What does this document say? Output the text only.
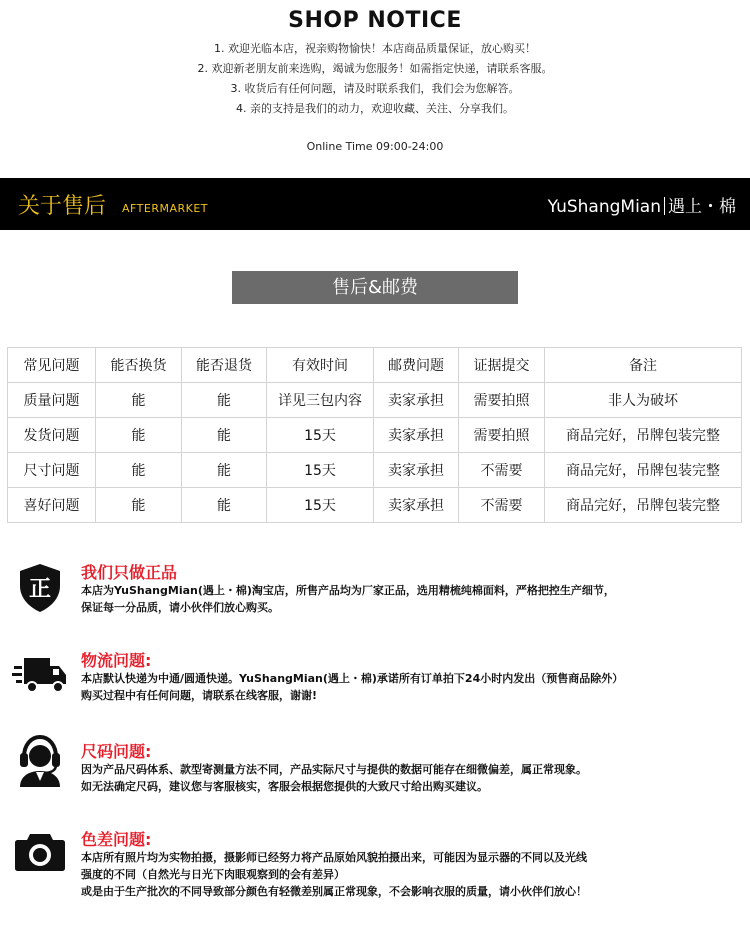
SHOP NOTICE
1. 欢迎光临本店，祝亲购物愉快！本店商品质量保证，放心购买！
2. 欢迎新老朋友前来选购，竭诚为您服务！如需指定快递，请联系客服。
3. 收货后有任何问题，请及时联系我们，我们会为您解答。
4. 亲的支持是我们的动力，欢迎收藏、关注、分享我们。
Online Time 09:00-24:00
关于售后 AFTERMARKET	YuShangMian 遇上・棉
售后&邮费
常见问题	能否换货	能否退货	有效时间	邮费问题	证据提交	备注
质量问题	能	能	详见三包内容	卖家承担	需要拍照	非人为破坏
发货问题	能	能	15天	卖家承担	需要拍照	商品完好，吊牌包装完整
尺寸问题	能	能	15天	卖家承担	不需要	商品完好，吊牌包装完整
喜好问题	能	能	15天	卖家承担	不需要	商品完好，吊牌包装完整
正
我们只做正品
本店为YuShangMian(遇上・棉)淘宝店，所售产品均为厂家正品，选用精梳纯棉面料，严格把控生产细节，
保证每一分品质，请小伙伴们放心购买。
物流问题:
本店默认快递为中通/圆通快递。YuShangMian(遇上・棉)承诺所有订单拍下24小时内发出（预售商品除外）
购买过程中有任何问题，请联系在线客服，谢谢!
尺码问题:
因为产品尺码体系、款型寄测量方法不同，产品实际尺寸与提供的数据可能存在细微偏差，属正常现象。
如无法确定尺码，建议您与客服核实，客服会根据您提供的大致尺寸给出购买建议。
色差问题:
本店所有照片均为实物拍摄，摄影师已经努力将产品原始风貌拍摄出来，可能因为显示器的不同以及光线
强度的不同（自然光与日光下肉眼观察到的会有差异）
或是由于生产批次的不同导致部分颜色有轻微差别属正常现象，不会影响衣服的质量，请小伙伴们放心！
